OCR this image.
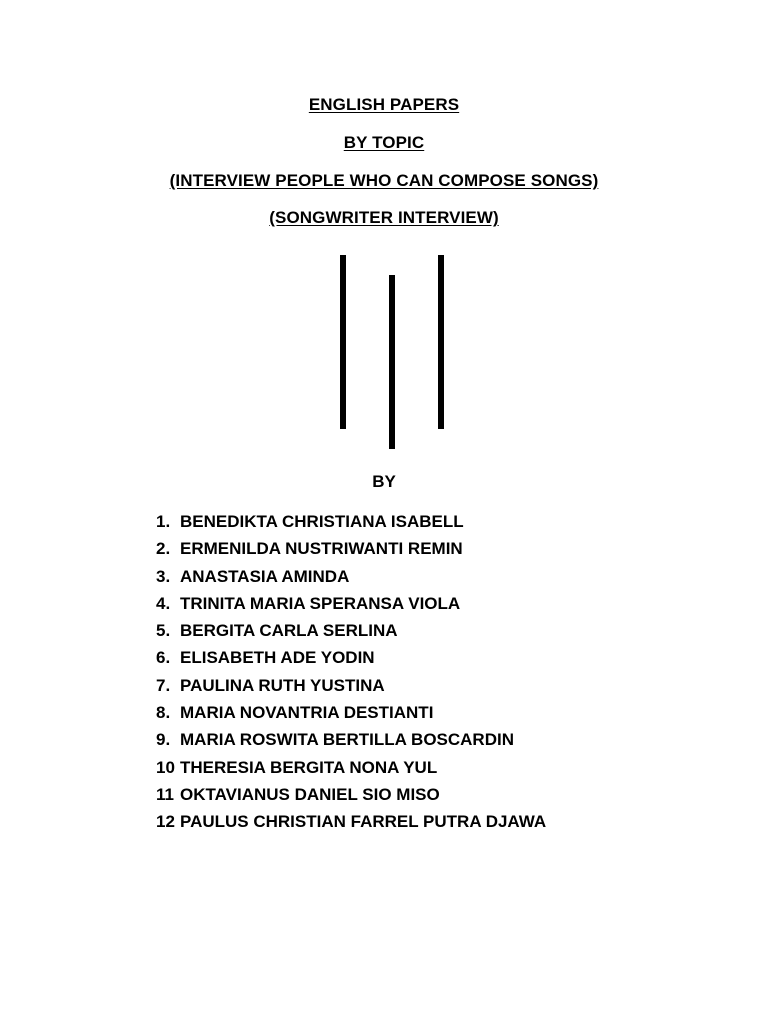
ENGLISH PAPERS
BY TOPIC
(INTERVIEW PEOPLE WHO CAN COMPOSE SONGS)
(SONGWRITER INTERVIEW)
BY
1. BENEDIKTA CHRISTIANA ISABELL
2. ERMENILDA NUSTRIWANTI REMIN
3. ANASTASIA AMINDA
4. TRINITA MARIA SPERANSA VIOLA
5. BERGITA CARLA SERLINA
6. ELISABETH ADE YODIN
7. PAULINA RUTH YUSTINA
8. MARIA NOVANTRIA DESTIANTI
9. MARIA ROSWITA BERTILLA BOSCARDIN
10 THERESIA BERGITA NONA YUL
11 OKTAVIANUS DANIEL SIO MISO
12 PAULUS CHRISTIAN FARREL PUTRA DJAWA
